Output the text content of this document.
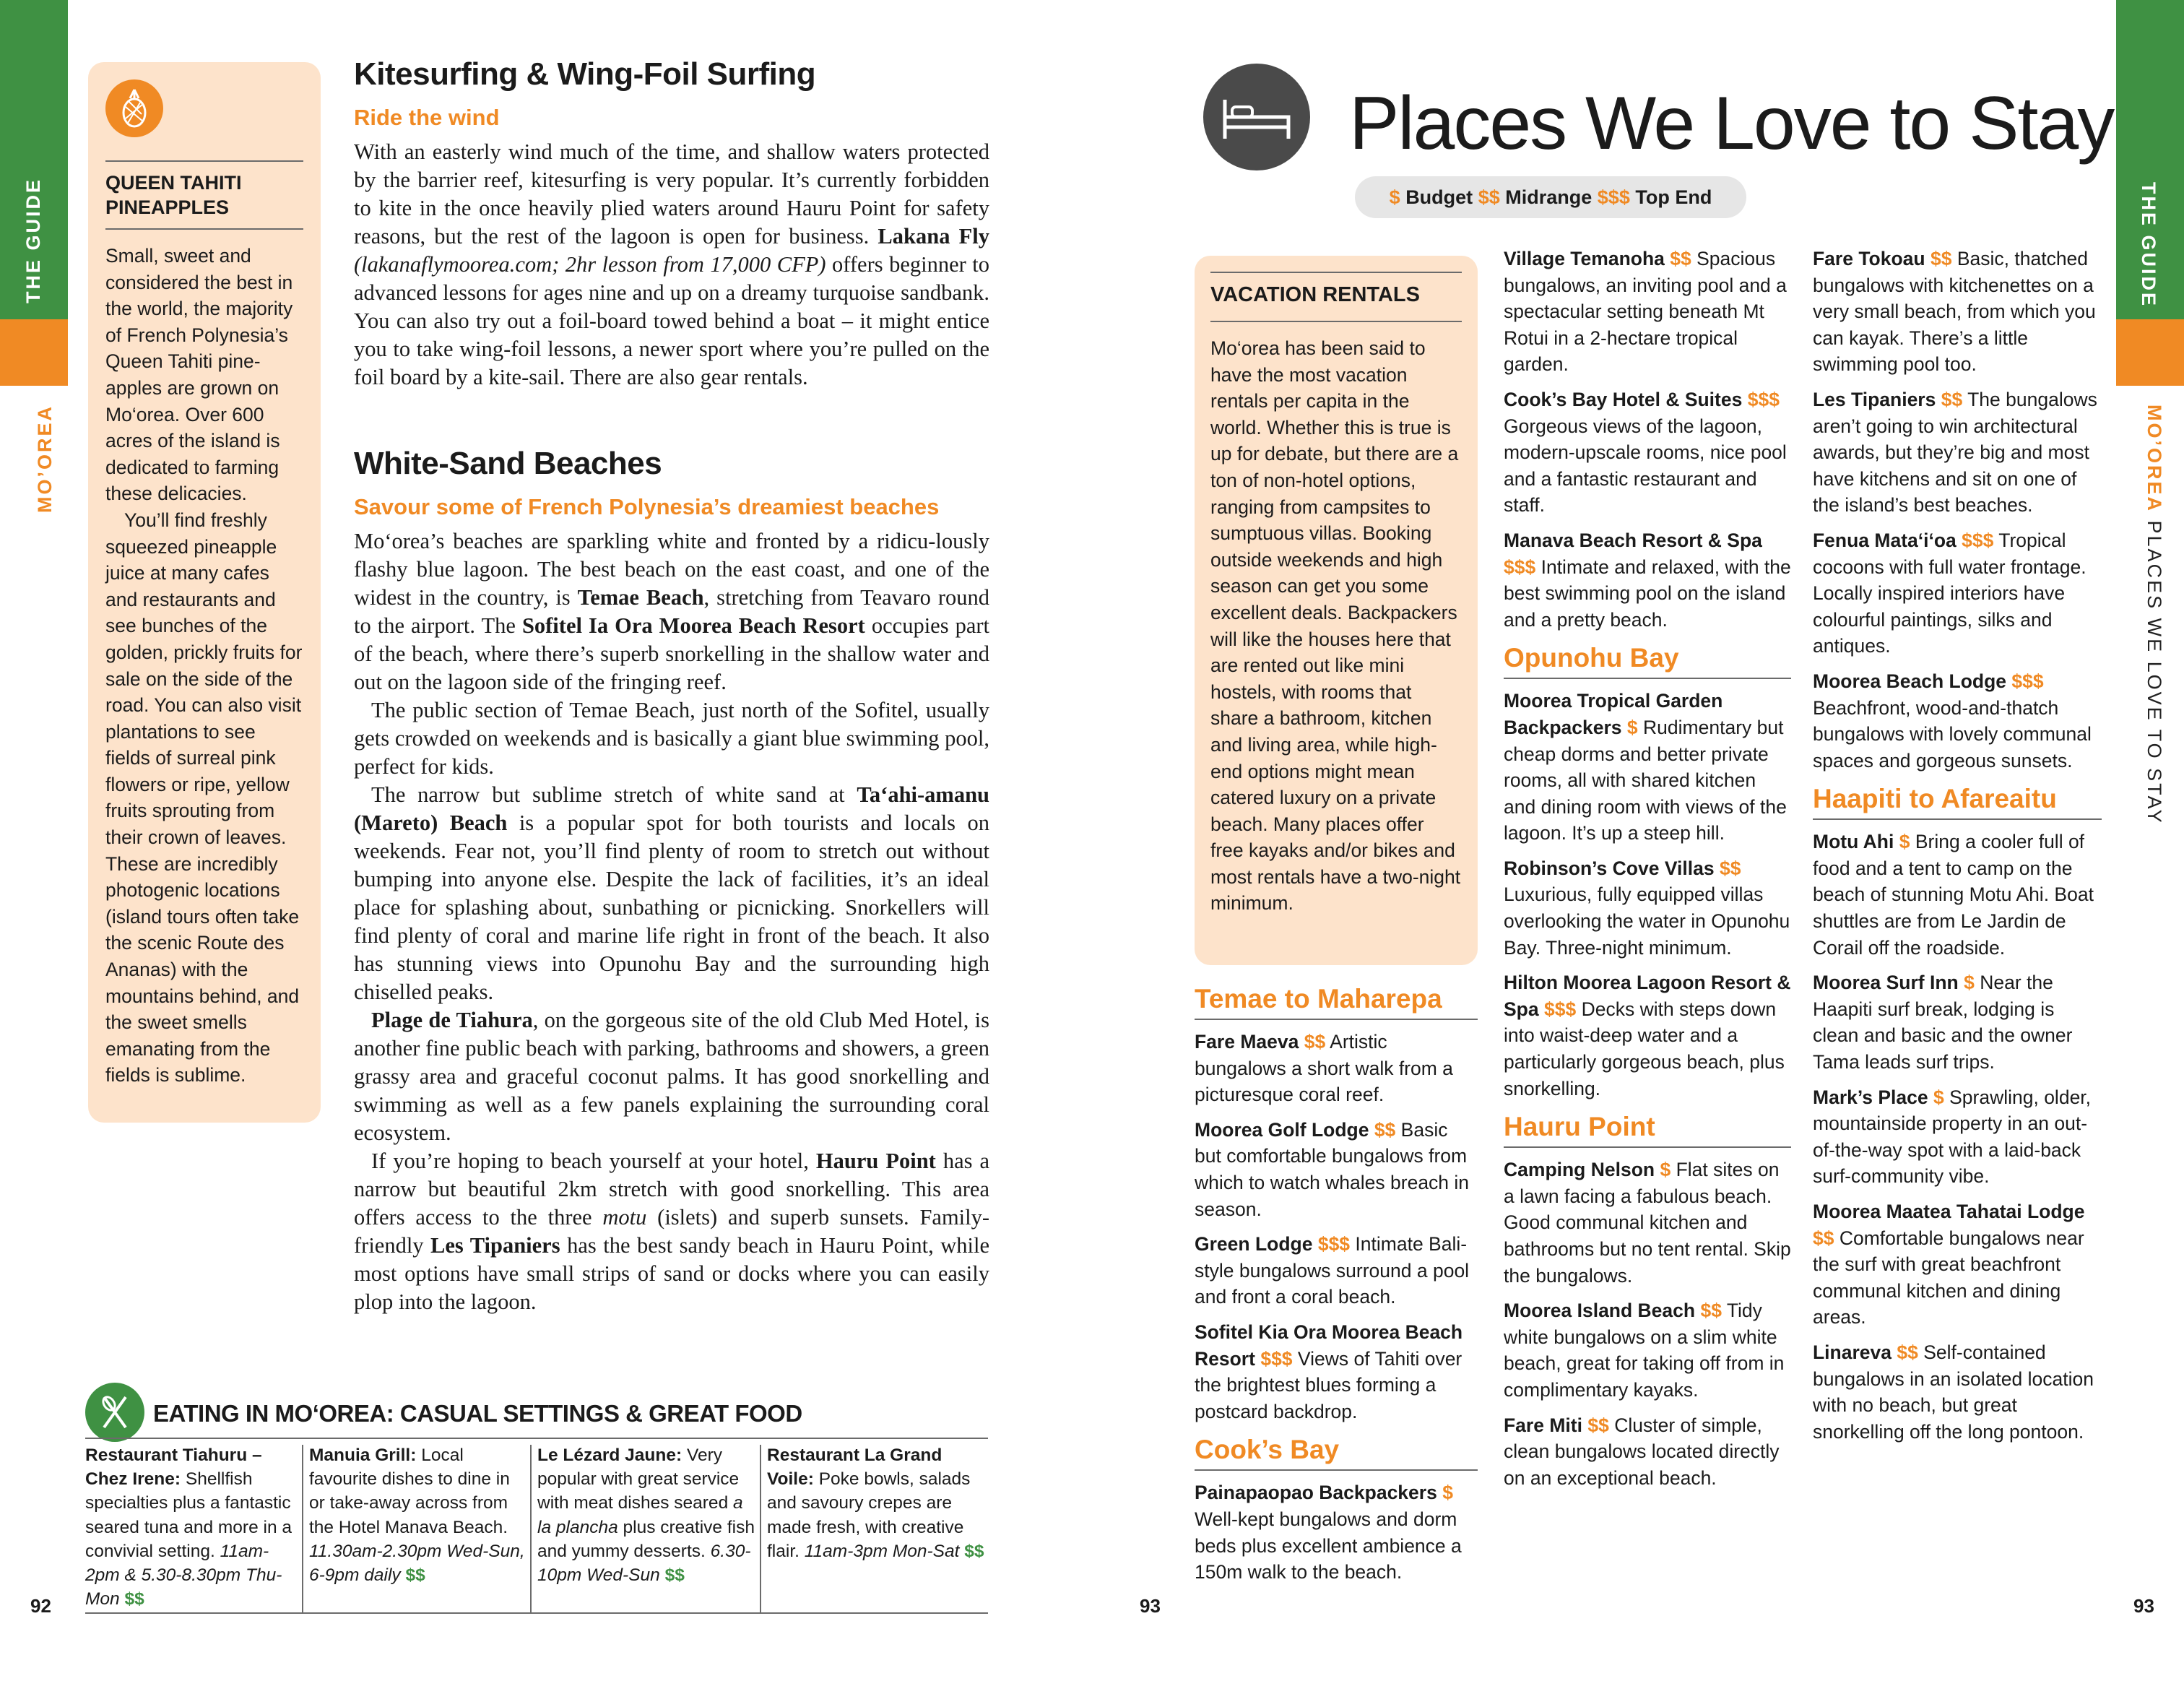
THE GUIDE
MO’OREA
THE GUIDE
MO’OREA PLACES WE LOVE TO STAY
QUEEN TAHITI PINEAPPLES

Small, sweet and considered the best in the world, the majority of French Polynesia’s Queen Tahiti pine-apples are grown on Mo‘orea. Over 600 acres of the island is dedicated to farming these delicacies.

You’ll find freshly squeezed pineapple juice at many cafes and restaurants and see bunches of the golden, prickly fruits for sale on the side of the road. You can also visit plantations to see fields of surreal pink flowers or ripe, yellow fruits sprouting from their crown of leaves. These are incredibly photogenic locations (island tours often take the scenic Route des Ananas) with the mountains behind, and the sweet smells emanating from the fields is sublime.

Kitesurfing & Wing-Foil Surfing
Ride the wind

With an easterly wind much of the time, and shallow waters protected by the barrier reef, kitesurfing is very popular. It’s currently forbidden to kite in the once heavily plied waters around Hauru Point for safety reasons, but the rest of the lagoon is open for business. Lakana Fly (lakanaflymoorea.com; 2hr lesson from 17,000 CFP) offers beginner to advanced lessons for ages nine and up on a dreamy turquoise sandbank. You can also try out a foil-board towed behind a boat – it might entice you to take wing-foil lessons, a newer sport where you’re pulled on the foil board by a kite-sail. There are also gear rentals.

White-Sand Beaches
Savour some of French Polynesia’s dreamiest beaches

Mo‘orea’s beaches are sparkling white and fronted by a ridicu-lously flashy blue lagoon. The best beach on the east coast, and one of the widest in the country, is Temae Beach, stretching from Teavaro round to the airport. The Sofitel Ia Ora Moorea Beach Resort occupies part of the beach, where there’s superb snorkelling in the shallow water and out on the lagoon side of the fringing reef.

The public section of Temae Beach, just north of the Sofitel, usually gets crowded on weekends and is basically a giant blue swimming pool, perfect for kids.

The narrow but sublime stretch of white sand at Ta‘ahi-amanu (Mareto) Beach is a popular spot for both tourists and locals on weekends. Fear not, you’ll find plenty of room to stretch out without bumping into anyone else. Despite the lack of facilities, it’s an ideal place for splashing about, sunbathing or picnicking. Snorkellers will find plenty of coral and marine life right in front of the beach. It also has stunning views into Opunohu Bay and the surrounding high chiselled peaks.

Plage de Tiahura, on the gorgeous site of the old Club Med Hotel, is another fine public beach with parking, bathrooms and showers, a green grassy area and graceful coconut palms. It has good snorkelling and swimming as well as a few panels explaining the surrounding coral ecosystem.

If you’re hoping to beach yourself at your hotel, Hauru Point has a narrow but beautiful 2km stretch with good snorkelling. This area offers access to the three motu (islets) and superb sunsets. Family-friendly Les Tipaniers has the best sandy beach in Hauru Point, while most options have small strips of sand or docks where you can easily plop into the lagoon.

EATING IN MO‘OREA: CASUAL SETTINGS & GREAT FOOD
Restaurant Tiahuru – Chez Irene: Shellfish specialties plus a fantastic seared tuna and more in a convivial setting. 11am-2pm & 5.30-8.30pm Thu-Mon $$
Manuia Grill: Local favourite dishes to dine in or take-away across from the Hotel Manava Beach. 11.30am-2.30pm Wed-Sun, 6-9pm daily $$
Le Lézard Jaune: Very popular with great service with meat dishes seared a la plancha plus creative fish and yummy desserts. 6.30-10pm Wed-Sun $$
Restaurant La Grand Voile: Poke bowls, salads and savoury crepes are made fresh, with creative flair. 11am-3pm Mon-Sat $$
92	93	93
Places We Love to Stay
$ Budget $$ Midrange $$$ Top End
VACATION RENTALS
Mo‘orea has been said to have the most vacation rentals per capita in the world. Whether this is true is up for debate, but there are a ton of non-hotel options, ranging from campsites to sumptuous villas. Booking outside weekends and high season can get you some excellent deals. Backpackers will like the houses here that are rented out like mini hostels, with rooms that share a bathroom, kitchen and living area, while high-end options might mean catered luxury on a private beach. Many places offer free kayaks and/or bikes and most rentals have a two-night minimum.
Temae to Maharepa

Fare Maeva $$ Artistic bungalows a short walk from a picturesque coral reef.

Moorea Golf Lodge $$ Basic but comfortable bungalows from which to watch whales breach in season.

Green Lodge $$$ Intimate Bali-style bungalows surround a pool and front a coral beach.

Sofitel Kia Ora Moorea Beach Resort $$$ Views of Tahiti over the brightest blues forming a postcard backdrop.

Cook’s Bay

Painapaopao Backpackers $ Well-kept bungalows and dorm beds plus excellent ambience a 150m walk to the beach.

Village Temanoha $$ Spacious bungalows, an inviting pool and a spectacular setting beneath Mt Rotui in a 2-hectare tropical garden.

Cook’s Bay Hotel & Suites $$$ Gorgeous views of the lagoon, modern-upscale rooms, nice pool and a fantastic restaurant and staff.

Manava Beach Resort & Spa $$$ Intimate and relaxed, with the best swimming pool on the island and a pretty beach.

Opunohu Bay

Moorea Tropical Garden Backpackers $ Rudimentary but cheap dorms and better private rooms, all with shared kitchen and dining room with views of the lagoon. It’s up a steep hill.

Robinson’s Cove Villas $$ Luxurious, fully equipped villas overlooking the water in Opunohu Bay. Three-night minimum.

Hilton Moorea Lagoon Resort & Spa $$$ Decks with steps down into waist-deep water and a particularly gorgeous beach, plus snorkelling.

Hauru Point

Camping Nelson $ Flat sites on a lawn facing a fabulous beach. Good communal kitchen and bathrooms but no tent rental. Skip the bungalows.

Moorea Island Beach $$ Tidy white bungalows on a slim white beach, great for taking off from in complimentary kayaks.

Fare Miti $$ Cluster of simple, clean bungalows located directly on an exceptional beach.

Fare Tokoau $$ Basic, thatched bungalows with kitchenettes on a very small beach, from which you can kayak. There’s a little swimming pool too.

Les Tipaniers $$ The bungalows aren’t going to win architectural awards, but they’re big and most have kitchens and sit on one of the island’s best beaches.

Fenua Mata‘i‘oa $$$ Tropical cocoons with full water frontage. Locally inspired interiors have colourful paintings, silks and antiques.

Moorea Beach Lodge $$$ Beachfront, wood-and-thatch bungalows with lovely communal spaces and gorgeous sunsets.

Haapiti to Afareaitu

Motu Ahi $ Bring a cooler full of food and a tent to camp on the beach of stunning Motu Ahi. Boat shuttles are from Le Jardin de Corail off the roadside.

Moorea Surf Inn $ Near the Haapiti surf break, lodging is clean and basic and the owner Tama leads surf trips.

Mark’s Place $ Sprawling, older, mountainside property in an out-of-the-way spot with a laid-back surf-community vibe.

Moorea Maatea Tahatai Lodge $$ Comfortable bungalows near the surf with great beachfront communal kitchen and dining areas.

Linareva $$ Self-contained bungalows in an isolated location with no beach, but great snorkelling off the long pontoon.
